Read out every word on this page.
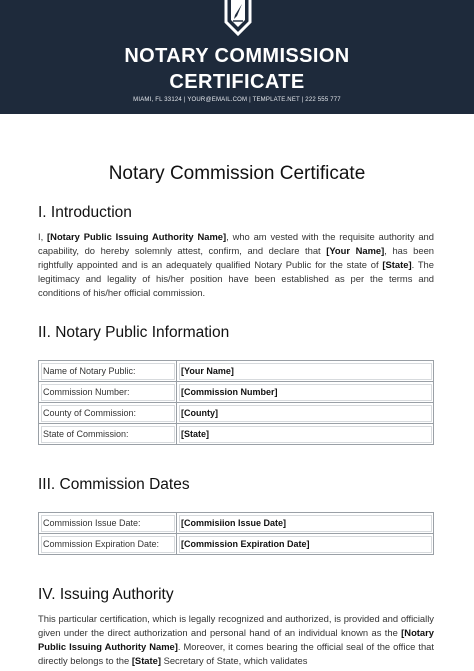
NOTARY COMMISSION
CERTIFICATE
MIAMI, FL 33124 | YOUR@EMAIL.COM | TEMPLATE.NET | 222 555 777
Notary Commission Certificate
I. Introduction

I, [Notary Public Issuing Authority Name], who am vested with the requisite authority and capability, do hereby solemnly attest, confirm, and declare that [Your Name], has been rightfully appointed and is an adequately qualified Notary Public for the state of [State]. The legitimacy and legality of his/her position have been established as per the terms and conditions of his/her official commission.

II. Notary Public Information
Name of Notary Public:	[Your Name]
Commission Number:	[Commission Number]
County of Commission:	[County]
State of Commission:	[State]
III. Commission Dates
Commission Issue Date:	[Commisiion Issue Date]
Commission Expiration Date:	[Commission Expiration Date]
IV. Issuing Authority

This particular certification, which is legally recognized and authorized, is provided and officially given under the direct authorization and personal hand of an individual known as the [Notary Public Issuing Authority Name]. Moreover, it comes bearing the official seal of the office that directly belongs to the [State] Secretary of State, which validates
